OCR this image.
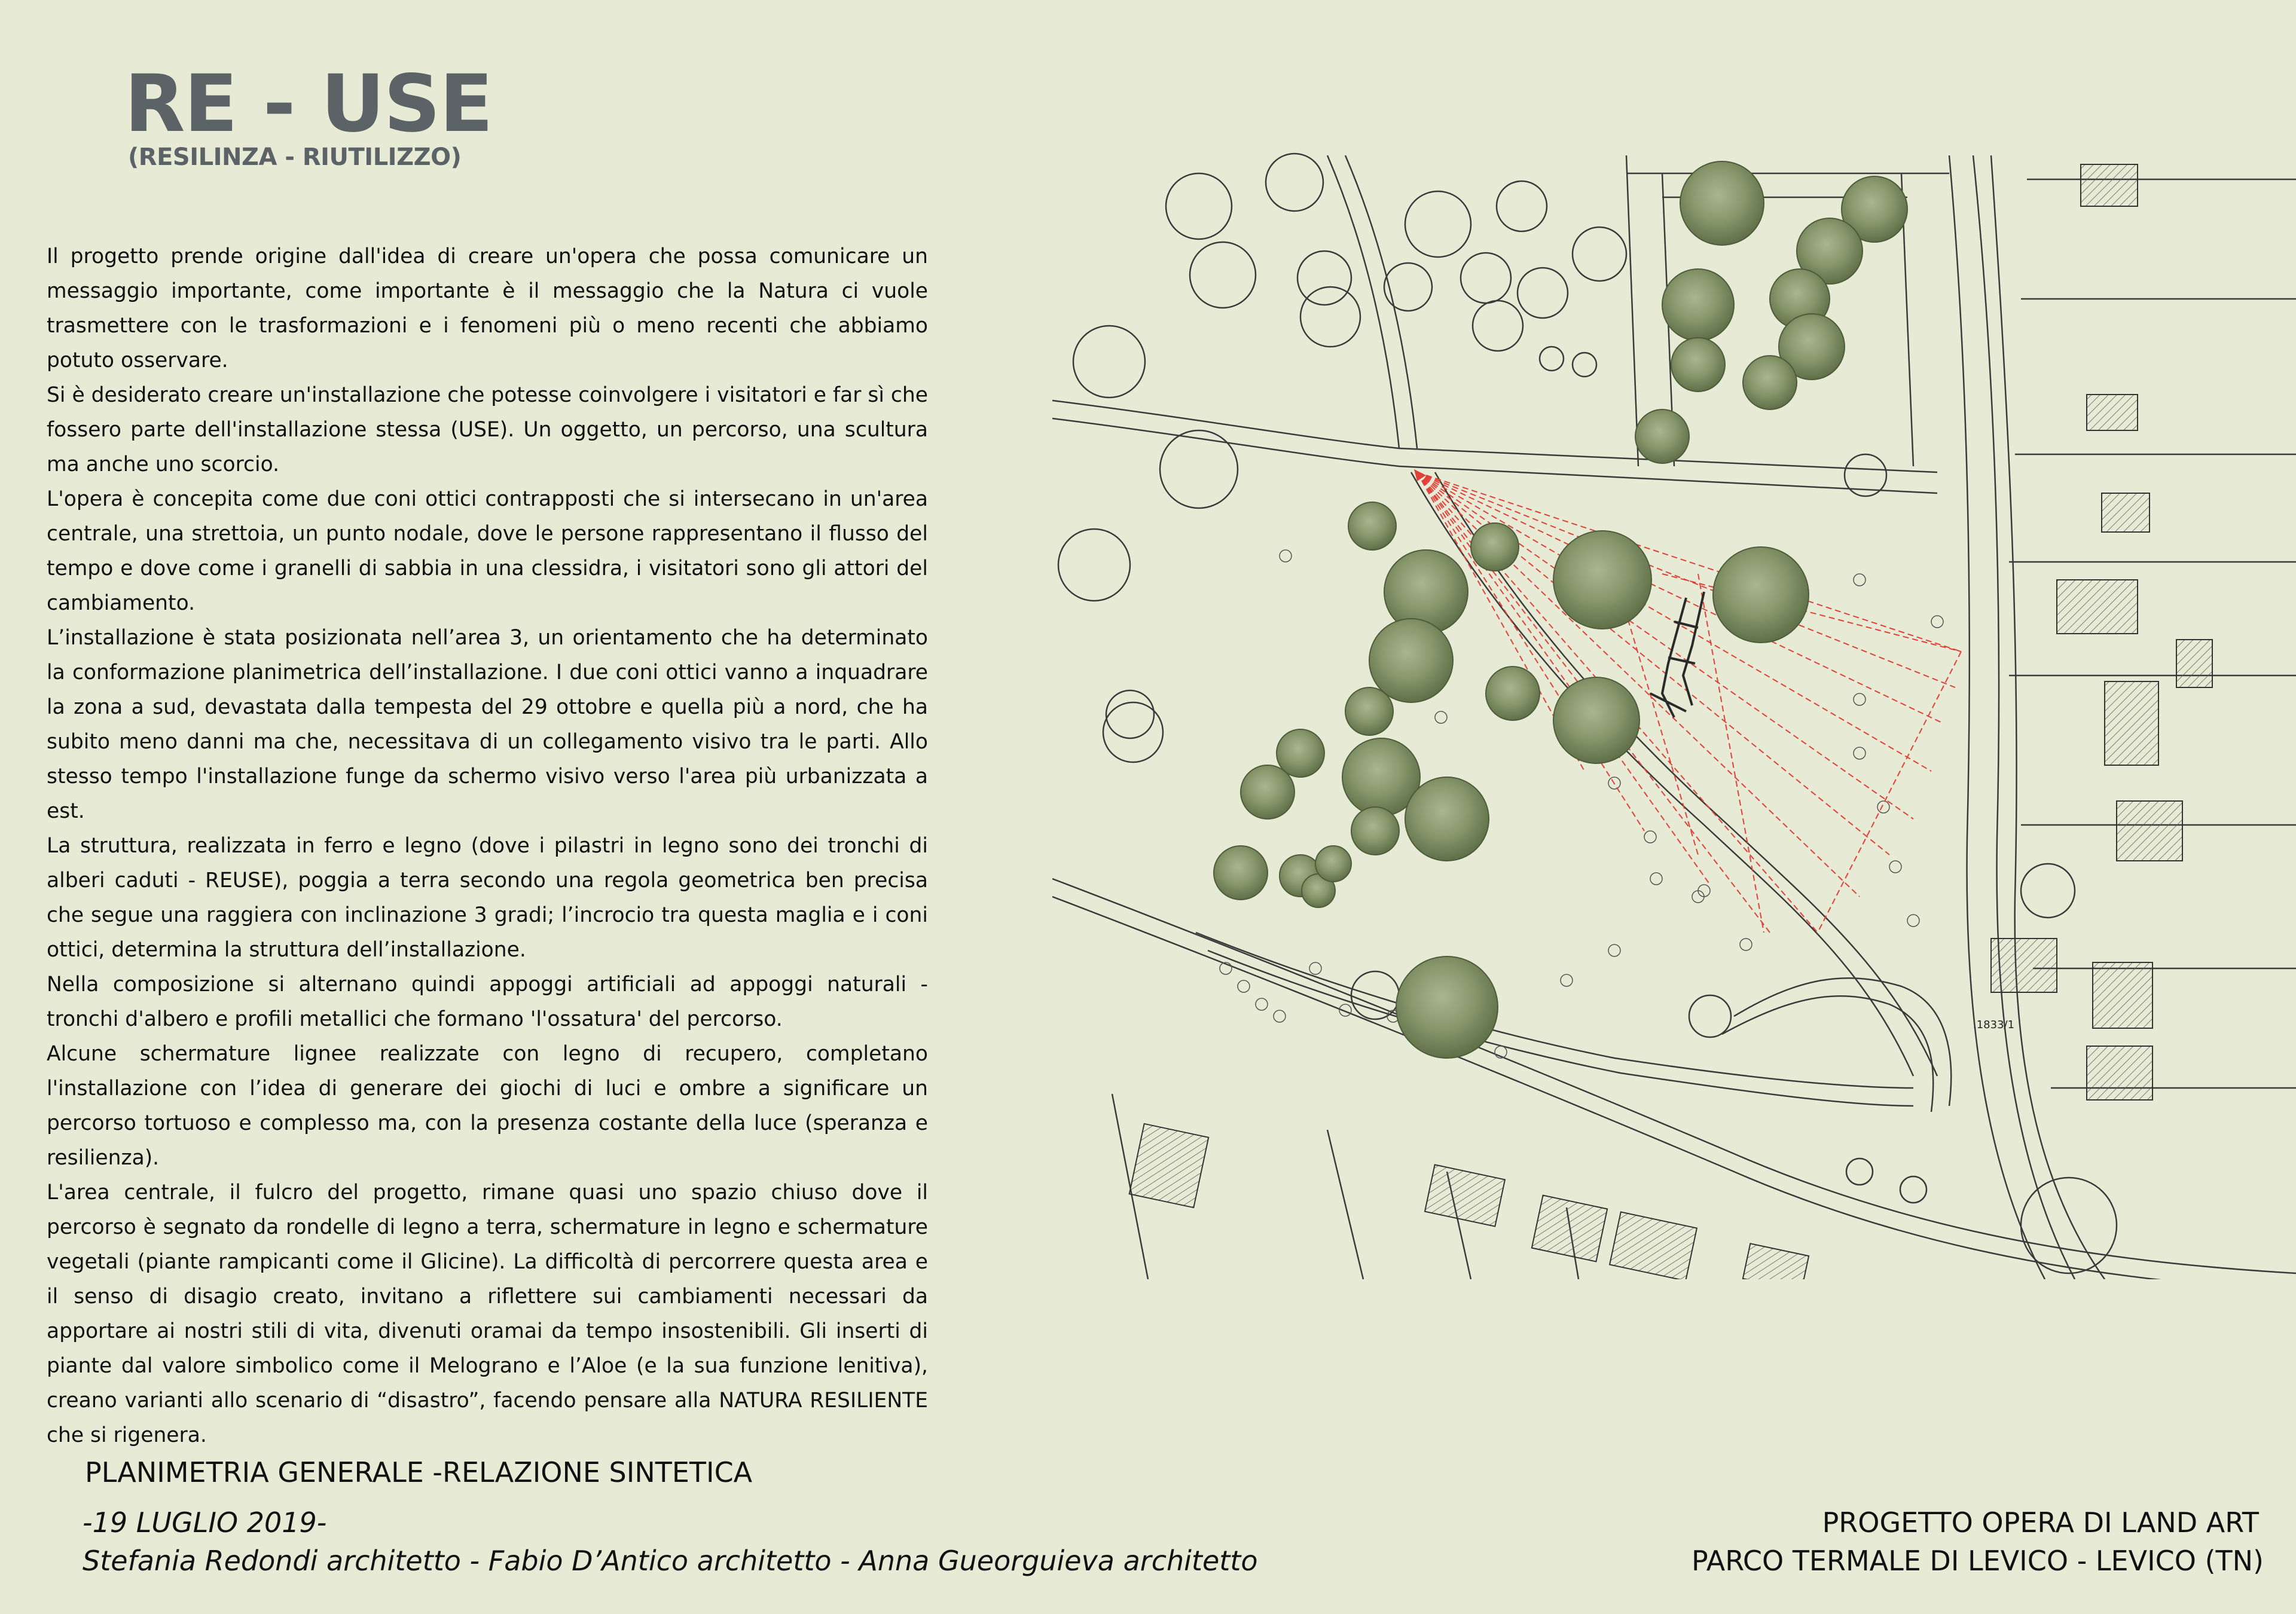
RE - USE
(RESILINZA - RIUTILIZZO)

Il progetto prende origine dall'idea di creare un'opera che possa comunicare un messaggio importante, come importante è il messaggio che la Natura ci vuole trasmettere con le trasformazioni e i fenomeni più o meno recenti che abbiamo potuto osservare.

Si è desiderato creare un'installazione che potesse coinvolgere i visitatori e far sì che fossero parte dell'installazione stessa (USE). Un oggetto, un percorso, una scultura ma anche uno scorcio.

L'opera è concepita come due coni ottici contrapposti che si intersecano in un'area centrale, una strettoia, un punto nodale, dove le persone rappresentano il flusso del tempo e dove come i granelli di sabbia in una clessidra, i visitatori sono gli attori del cambiamento.

L’installazione è stata posizionata nell’area 3, un orientamento che ha determinato la conformazione planimetrica dell’installazione. I due coni ottici vanno a inquadrare la zona a sud, devastata dalla tempesta del 29 ottobre e quella più a nord, che ha subito meno danni ma che, necessitava di un collegamento visivo tra le parti. Allo stesso tempo l'installazione funge da schermo visivo verso l'area più urbanizzata a est.

La struttura, realizzata in ferro e legno (dove i pilastri in legno sono dei tronchi di alberi caduti - REUSE), poggia a terra secondo una regola geometrica ben precisa che segue una raggiera con inclinazione 3 gradi; l’incrocio tra questa maglia e i coni ottici, determina la struttura dell’installazione.

Nella composizione si alternano quindi appoggi artificiali ad appoggi naturali - tronchi d'albero e profili metallici che formano 'l'ossatura' del percorso.

Alcune schermature lignee realizzate con legno di recupero, completano l'installazione con l’idea di generare dei giochi di luci e ombre a significare un percorso tortuoso e complesso ma, con la presenza costante della luce (speranza e resilienza).

L'area centrale, il fulcro del progetto, rimane quasi uno spazio chiuso dove il percorso è segnato da rondelle di legno a terra, schermature in legno e schermature vegetali (piante rampicanti come il Glicine). La difficoltà di percorrere questa area e il senso di disagio creato, invitano a riflettere sui cambiamenti necessari da apportare ai nostri stili di vita, divenuti oramai da tempo insostenibili. Gli inserti di piante dal valore simbolico come il Melograno e l’Aloe (e la sua funzione lenitiva), creano varianti allo scenario di “disastro”, facendo pensare alla NATURA RESILIENTE che si rigenera.

.1833/1
PLANIMETRIA GENERALE -RELAZIONE SINTETICA
-19 LUGLIO 2019-
Stefania Redondi architetto - Fabio D’Antico architetto - Anna Gueorguieva architetto
PROGETTO OPERA DI LAND ART
PARCO TERMALE DI LEVICO - LEVICO (TN)
